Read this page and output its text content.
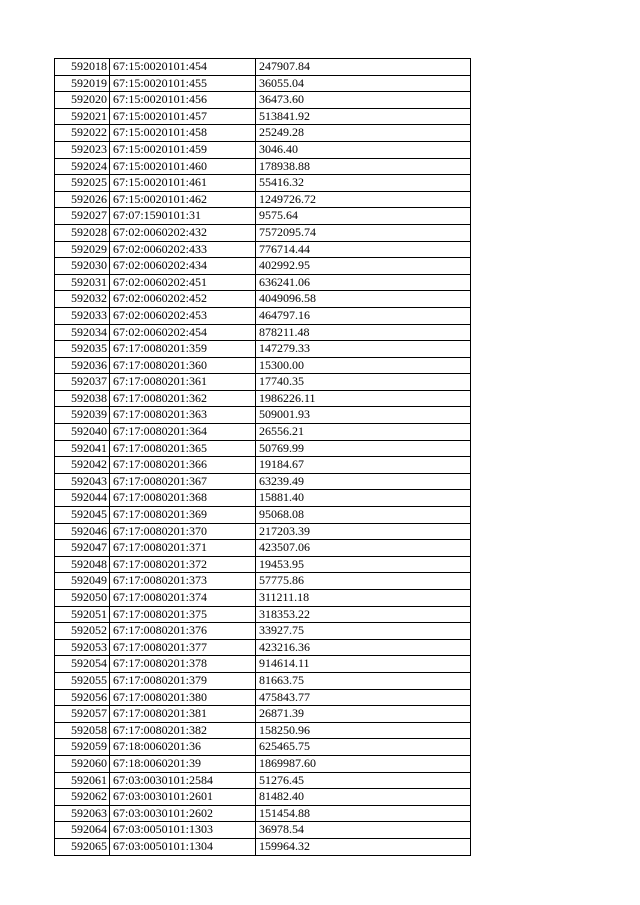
592018	67:15:0020101:454	247907.84
592019	67:15:0020101:455	36055.04
592020	67:15:0020101:456	36473.60
592021	67:15:0020101:457	513841.92
592022	67:15:0020101:458	25249.28
592023	67:15:0020101:459	3046.40
592024	67:15:0020101:460	178938.88
592025	67:15:0020101:461	55416.32
592026	67:15:0020101:462	1249726.72
592027	67:07:1590101:31	9575.64
592028	67:02:0060202:432	7572095.74
592029	67:02:0060202:433	776714.44
592030	67:02:0060202:434	402992.95
592031	67:02:0060202:451	636241.06
592032	67:02:0060202:452	4049096.58
592033	67:02:0060202:453	464797.16
592034	67:02:0060202:454	878211.48
592035	67:17:0080201:359	147279.33
592036	67:17:0080201:360	15300.00
592037	67:17:0080201:361	17740.35
592038	67:17:0080201:362	1986226.11
592039	67:17:0080201:363	509001.93
592040	67:17:0080201:364	26556.21
592041	67:17:0080201:365	50769.99
592042	67:17:0080201:366	19184.67
592043	67:17:0080201:367	63239.49
592044	67:17:0080201:368	15881.40
592045	67:17:0080201:369	95068.08
592046	67:17:0080201:370	217203.39
592047	67:17:0080201:371	423507.06
592048	67:17:0080201:372	19453.95
592049	67:17:0080201:373	57775.86
592050	67:17:0080201:374	311211.18
592051	67:17:0080201:375	318353.22
592052	67:17:0080201:376	33927.75
592053	67:17:0080201:377	423216.36
592054	67:17:0080201:378	914614.11
592055	67:17:0080201:379	81663.75
592056	67:17:0080201:380	475843.77
592057	67:17:0080201:381	26871.39
592058	67:17:0080201:382	158250.96
592059	67:18:0060201:36	625465.75
592060	67:18:0060201:39	1869987.60
592061	67:03:0030101:2584	51276.45
592062	67:03:0030101:2601	81482.40
592063	67:03:0030101:2602	151454.88
592064	67:03:0050101:1303	36978.54
592065	67:03:0050101:1304	159964.32
